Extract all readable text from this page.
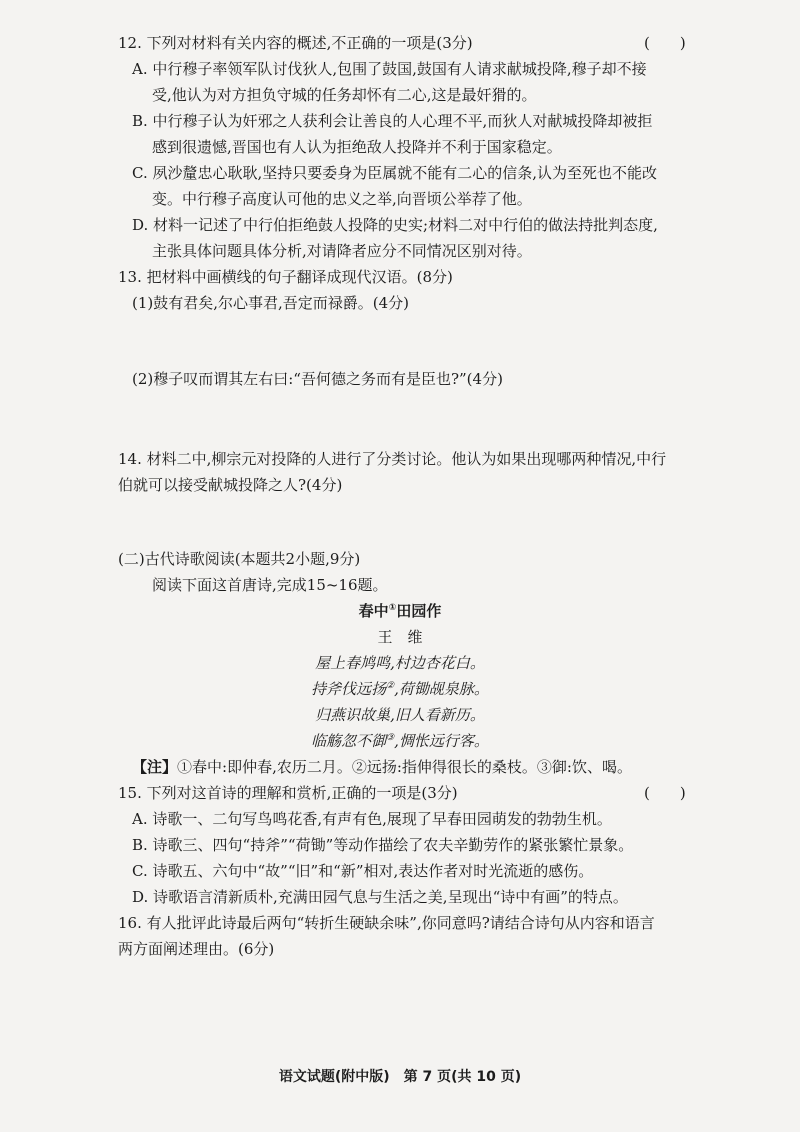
12. 下列对材料有关内容的概述,不正确的一项是(3分)	(　　)
A. 中行穆子率领军队讨伐狄人,包围了鼓国,鼓国有人请求献城投降,穆子却不接
受,他认为对方担负守城的任务却怀有二心,这是最奸猾的。
B. 中行穆子认为奸邪之人获利会让善良的人心理不平,而狄人对献城投降却被拒
感到很遗憾,晋国也有人认为拒绝敌人投降并不利于国家稳定。
C. 夙沙釐忠心耿耿,坚持只要委身为臣属就不能有二心的信条,认为至死也不能改
变。中行穆子高度认可他的忠义之举,向晋顷公举荐了他。
D. 材料一记述了中行伯拒绝鼓人投降的史实;材料二对中行伯的做法持批判态度,
主张具体问题具体分析,对请降者应分不同情况区别对待。
13. 把材料中画横线的句子翻译成现代汉语。(8分)
(1)鼓有君矣,尔心事君,吾定而禄爵。(4分)
(2)穆子叹而谓其左右曰:“吾何德之务而有是臣也?”(4分)
14. 材料二中,柳宗元对投降的人进行了分类讨论。他认为如果出现哪两种情况,中行
伯就可以接受献城投降之人?(4分)
(二)古代诗歌阅读(本题共2小题,9分)
阅读下面这首唐诗,完成15~16题。
春中①田园作
王　维
屋上春鸠鸣,村边杏花白。
持斧伐远扬②,荷锄觇泉脉。
归燕识故巢,旧人看新历。
临觞忽不御③,惆怅远行客。
【注】①春中:即仲春,农历二月。②远扬:指伸得很长的桑枝。③御:饮、喝。
15. 下列对这首诗的理解和赏析,正确的一项是(3分)	(　　)
A. 诗歌一、二句写鸟鸣花香,有声有色,展现了早春田园萌发的勃勃生机。
B. 诗歌三、四句“持斧”“荷锄”等动作描绘了农夫辛勤劳作的紧张繁忙景象。
C. 诗歌五、六句中“故”“旧”和“新”相对,表达作者对时光流逝的感伤。
D. 诗歌语言清新质朴,充满田园气息与生活之美,呈现出“诗中有画”的特点。
16. 有人批评此诗最后两句“转折生硬缺余味”,你同意吗?请结合诗句从内容和语言
两方面阐述理由。(6分)
语文试题(附中版)　第 7 页(共 10 页)
